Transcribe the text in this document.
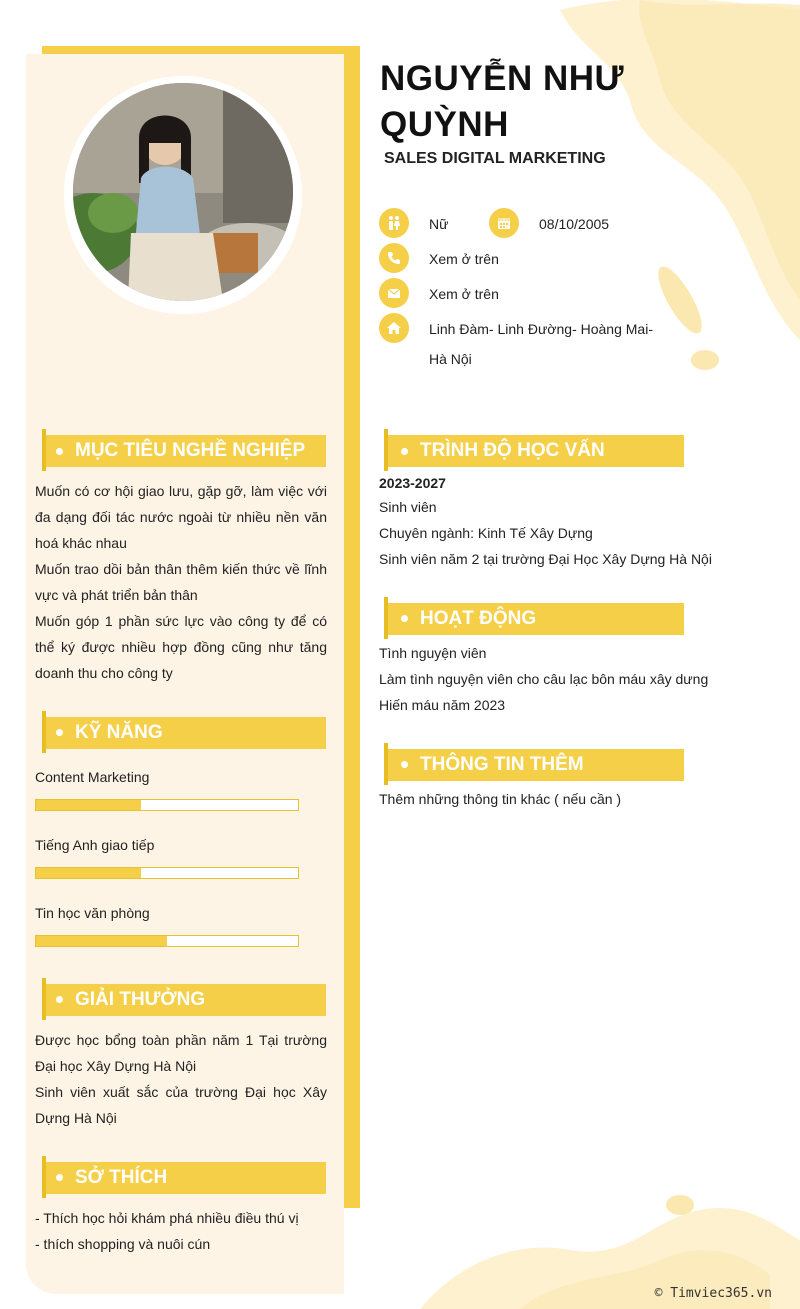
NGUYỄN NHƯ QUỲNH
SALES DIGITAL MARKETING
Nữ	08/10/2005
Xem ở trên
Xem ở trên
Linh Đàm- Linh Đường- Hoàng Mai-
Hà Nội
MỤC TIÊU NGHỀ NGHIỆP
Muốn có cơ hội giao lưu, gặp gỡ, làm việc với đa dạng đối tác nước ngoài từ nhiều nền văn hoá khác nhau
Muốn trao dồi bản thân thêm kiến thức về lĩnh vực và phát triển bản thân
Muốn góp 1 phần sức lực vào công ty để có thể ký được nhiều hợp đồng cũng như tăng doanh thu cho công ty
KỸ NĂNG
Content Marketing
Tiếng Anh giao tiếp
Tin học văn phòng
GIẢI THƯỞNG
Được học bổng toàn phần năm 1 Tại trường Đại học Xây Dựng Hà Nội
Sinh viên xuất sắc của trường Đại học Xây Dựng Hà Nội
SỞ THÍCH
- Thích học hỏi khám phá nhiều điều thú vị
- thích shopping và nuôi cún
TRÌNH ĐỘ HỌC VẤN
2023-2027
Sinh viên
Chuyên ngành: Kinh Tế Xây Dựng
Sinh viên năm 2 tại trường Đại Học Xây Dựng Hà Nội
HOẠT ĐỘNG
Tình nguyện viên
Làm tình nguyện viên cho câu lạc bôn máu xây dưng
Hiến máu năm 2023
THÔNG TIN THÊM
Thêm những thông tin khác ( nếu cần )
© Timviec365.vn
